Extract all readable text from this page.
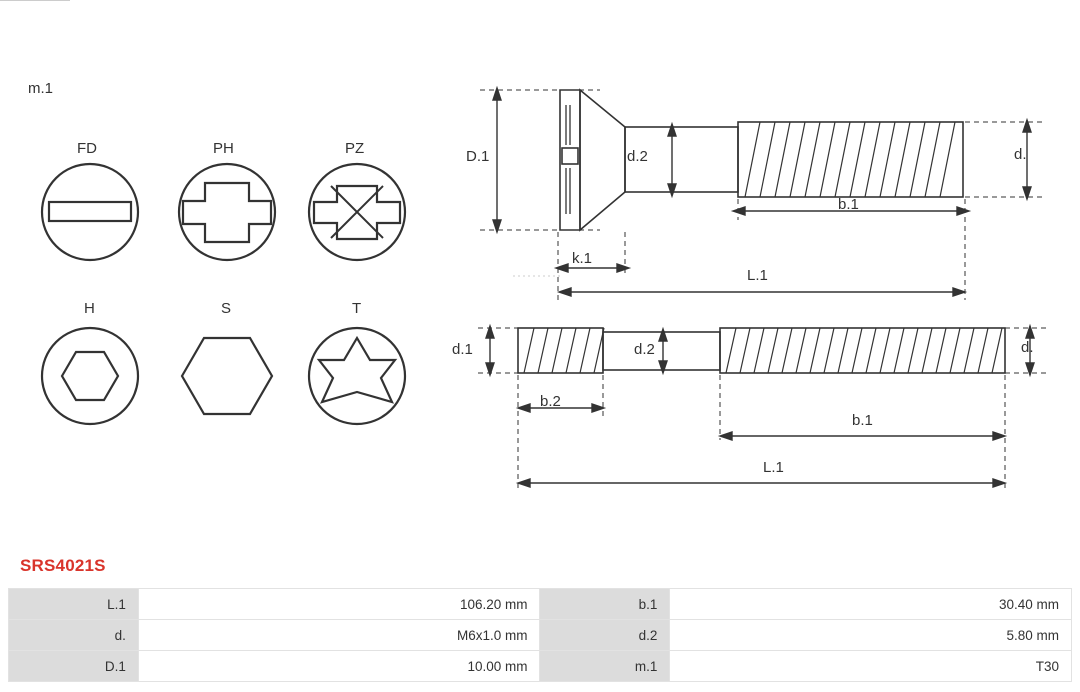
m.1
FD	PH	PZ
H	S	T
D.1	d.2	d.
b.1
k.1
L.1
d.1	d.2	d.
b.2
b.1
L.1
SRS4021S
L.1	106.20 mm	b.1	30.40 mm
d.	M6x1.0 mm	d.2	5.80 mm
D.1	10.00 mm	m.1	T30
